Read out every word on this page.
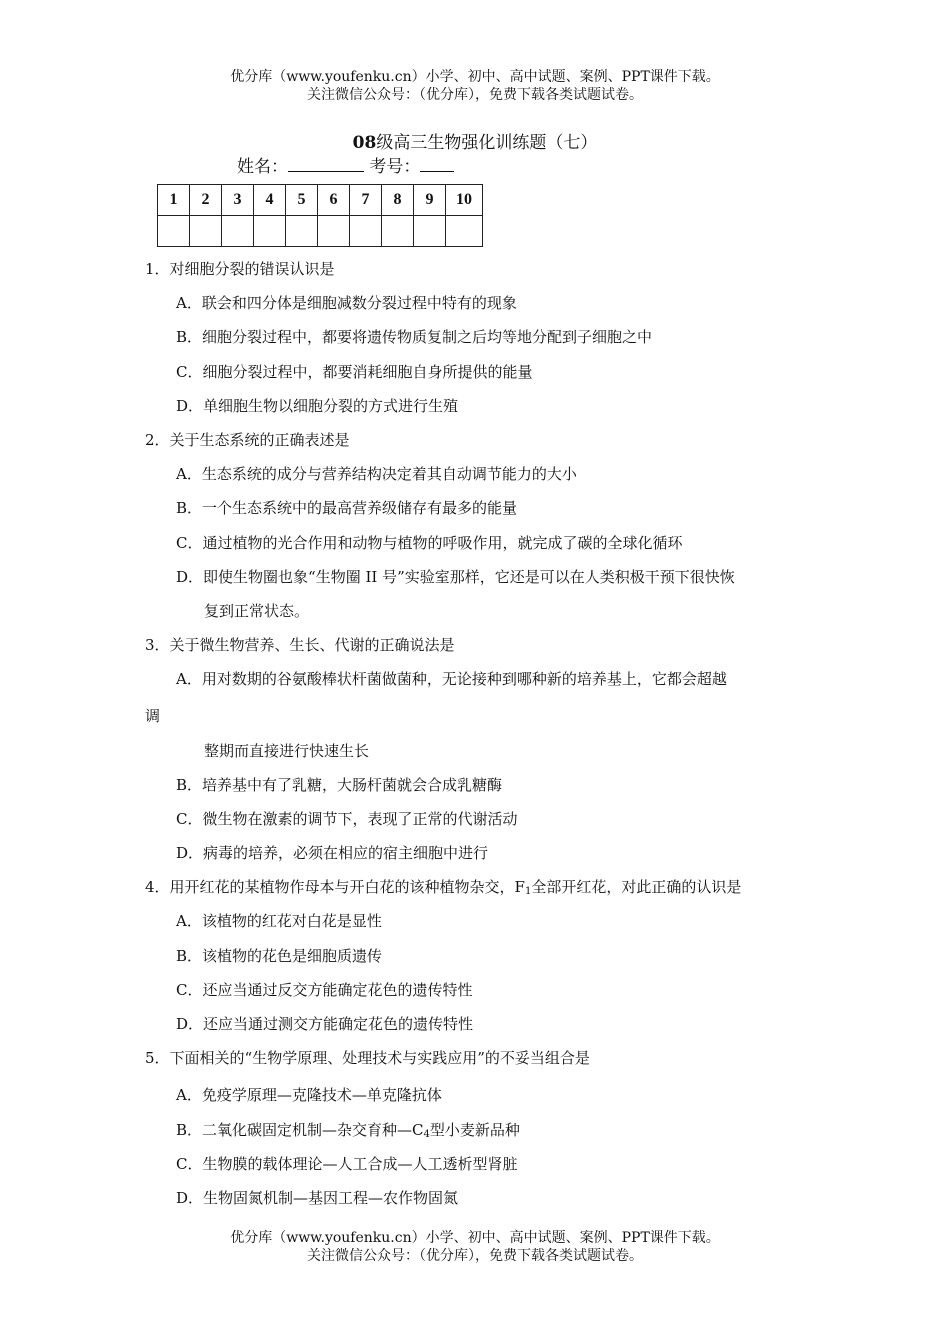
优分库（www.youfenku.cn）小学、初中、高中试题、案例、PPT课件下载。
关注微信公众号：（优分库），免费下载各类试题试卷。
08级高三生物强化训练题（七）
姓名：	考号：
1	2	3	4	5	6	7	8	9	10

1．对细胞分裂的错误认识是
A．联会和四分体是细胞减数分裂过程中特有的现象
B．细胞分裂过程中，都要将遗传物质复制之后均等地分配到子细胞之中
C．细胞分裂过程中，都要消耗细胞自身所提供的能量
D．单细胞生物以细胞分裂的方式进行生殖
2．关于生态系统的正确表述是
A．生态系统的成分与营养结构决定着其自动调节能力的大小
B．一个生态系统中的最高营养级储存有最多的能量
C．通过植物的光合作用和动物与植物的呼吸作用，就完成了碳的全球化循环
D．即使生物圈也象“生物圈 II 号”实验室那样，它还是可以在人类积极干预下很快恢
复到正常状态。
3．关于微生物营养、生长、代谢的正确说法是
A．用对数期的谷氨酸棒状杆菌做菌种，无论接种到哪种新的培养基上，它都会超越
调
整期而直接进行快速生长
B．培养基中有了乳糖，大肠杆菌就会合成乳糖酶
C．微生物在激素的调节下，表现了正常的代谢活动
D．病毒的培养，必须在相应的宿主细胞中进行
4．用开红花的某植物作母本与开白花的该种植物杂交，$F_1$全部开红花，对此正确的认识是
A．该植物的红花对白花是显性
B．该植物的花色是细胞质遗传
C．还应当通过反交方能确定花色的遗传特性
D．还应当通过测交方能确定花色的遗传特性
5．下面相关的“生物学原理、处理技术与实践应用”的不妥当组合是
A．免疫学原理—克隆技术—单克隆抗体
B．二氧化碳固定机制—杂交育种$—C_4$型小麦新品种
C．生物膜的载体理论—人工合成—人工透析型肾脏
D．生物固氮机制—基因工程—农作物固氮
优分库（www.youfenku.cn）小学、初中、高中试题、案例、PPT课件下载。
关注微信公众号：（优分库），免费下载各类试题试卷。
